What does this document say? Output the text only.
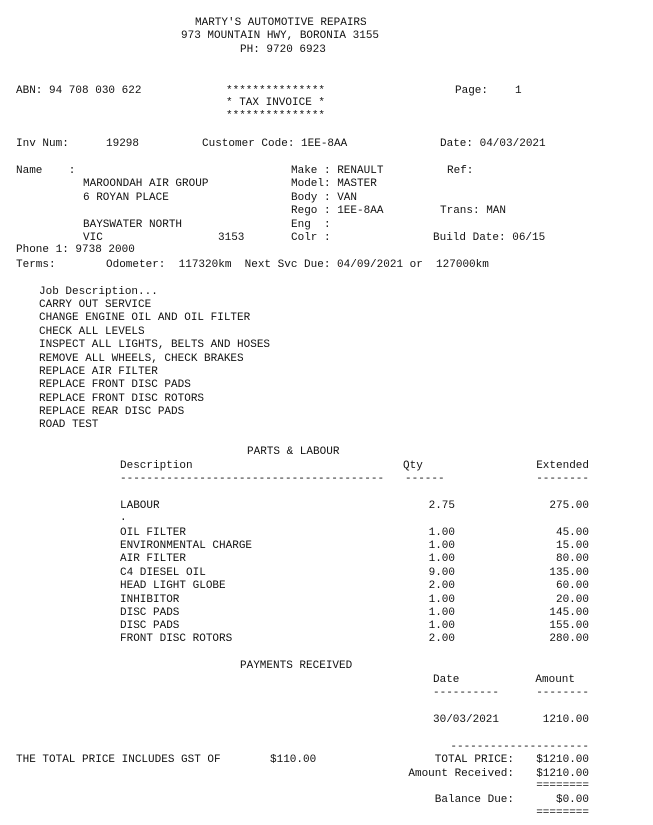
MARTY'S AUTOMOTIVE REPAIRS
973 MOUNTAIN HWY, BORONIA 3155
PH: 9720 6923
ABN: 94 708 030 622	***************
* TAX INVOICE *
***************
Page: 1
Inv Num:	19298	Customer Code: 1EE-8AA	Date: 04/03/2021
Name    :
MAROONDAH AIR GROUP
6 ROYAN PLACE
BAYSWATER NORTH
VIC	3153
Phone 1: 9738 2000
Terms:
Make : RENAULT
Model: MASTER
Body : VAN
Rego : 1EE-8AA
Eng  :
Colr :
Ref:
Trans: MAN
Build Date: 06/15
Odometer:  117320km  Next Svc Due: 04/09/2021 or  127000km
Job Description...
CARRY OUT SERVICE
CHANGE ENGINE OIL AND OIL FILTER
CHECK ALL LEVELS
INSPECT ALL LIGHTS, BELTS AND HOSES
REMOVE ALL WHEELS, CHECK BRAKES
REPLACE AIR FILTER
REPLACE FRONT DISC PADS
REPLACE FRONT DISC ROTORS
REPLACE REAR DISC PADS
ROAD TEST
PARTS & LABOUR
Description	Qty	Extended
---------------------------------------- ------	--------
LABOUR	2.75	275.00
.
OIL FILTER	1.00	45.00
ENVIRONMENTAL CHARGE	1.00	15.00
AIR FILTER	1.00	80.00
C4 DIESEL OIL	9.00	135.00
HEAD LIGHT GLOBE	2.00	60.00
INHIBITOR	1.00	20.00
DISC PADS	1.00	145.00
DISC PADS	1.00	155.00
FRONT DISC ROTORS	2.00	280.00
PAYMENTS RECEIVED
Date	Amount
----------	--------
30/03/2021	1210.00
---------------------
THE TOTAL PRICE INCLUDES GST OF	$110.00	TOTAL PRICE:	$1210.00
Amount Received:	$1210.00
========
Balance Due:	$0.00
========
